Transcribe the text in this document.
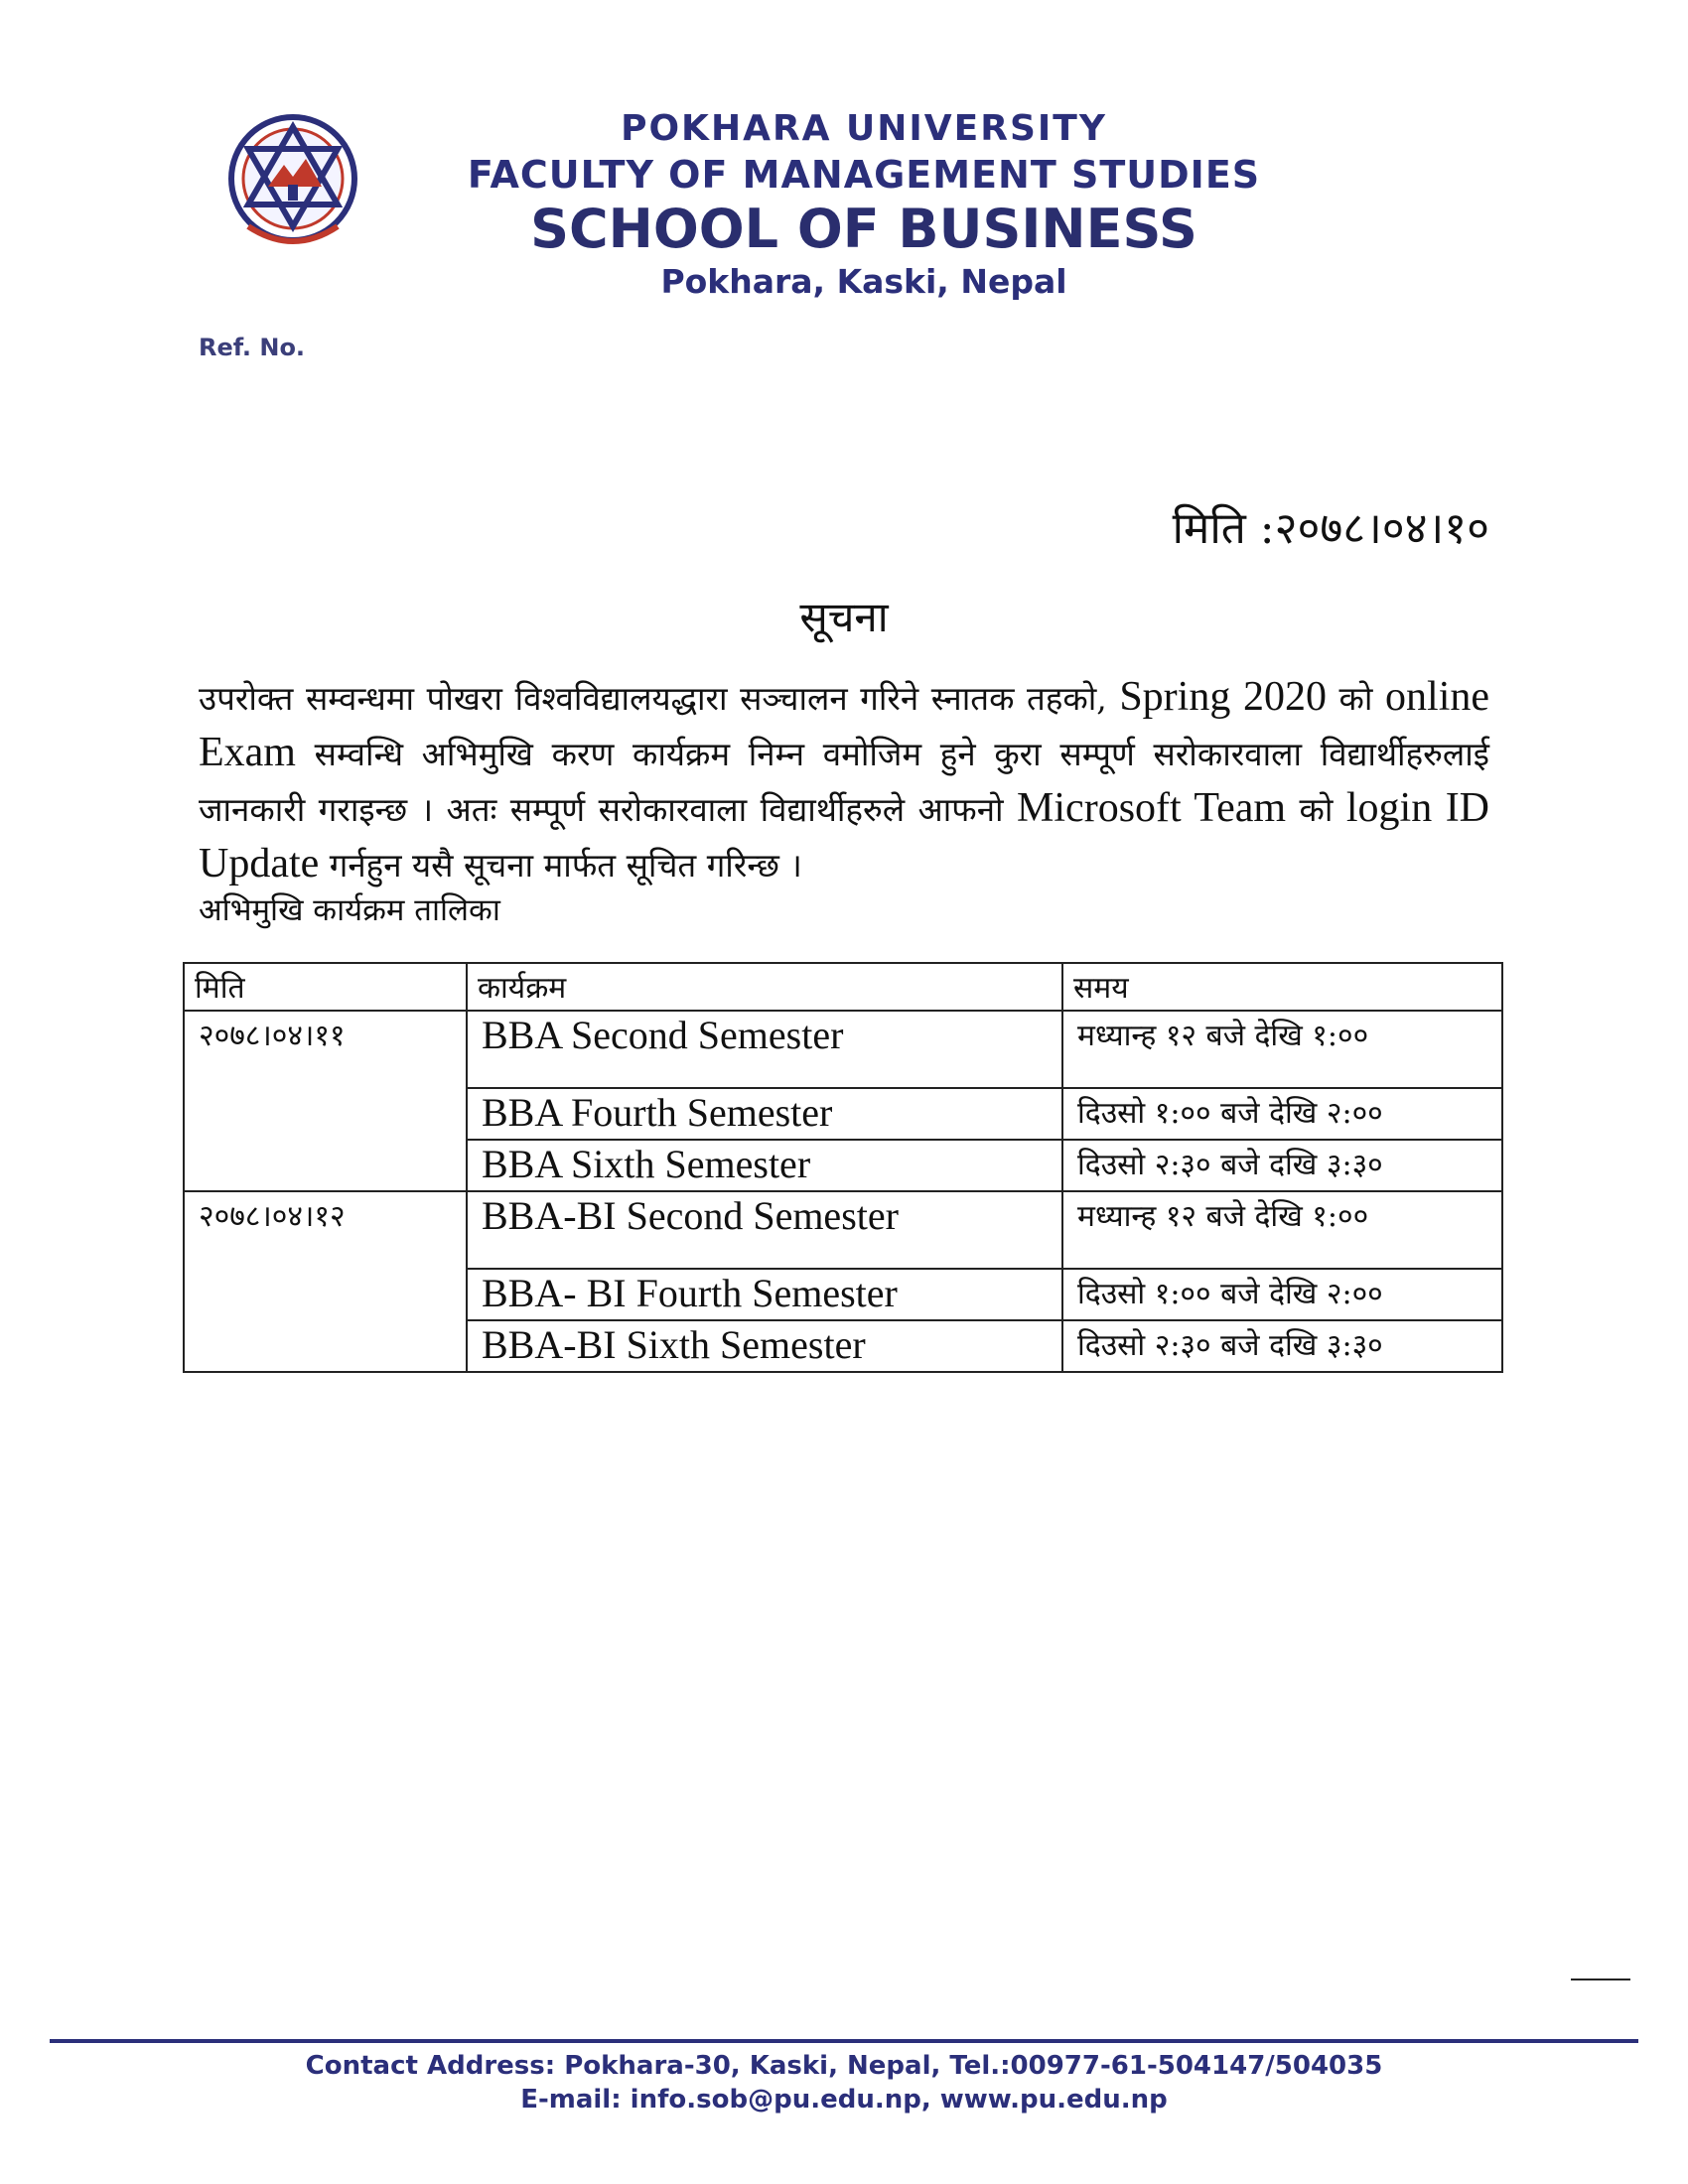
POKHARA UNIVERSITY
FACULTY OF MANAGEMENT STUDIES
SCHOOL OF BUSINESS
Pokhara, Kaski, Nepal
Ref. No.
मिति :२०७८।०४।१०
सूचना
उपरोक्त सम्वन्धमा पोखरा विश्वविद्यालयद्धारा सञ्चालन गरिने स्नातक तहको, Spring 2020 को online Exam सम्वन्धि अभिमुखि करण कार्यक्रम निम्न वमोजिम हुने कुरा सम्पूर्ण सरोकारवाला विद्यार्थीहरुलाई जानकारी गराइन्छ । अतः सम्पूर्ण सरोकारवाला विद्यार्थीहरुले आफनो Microsoft Team को login ID Update गर्नहुन यसै सूचना मार्फत सूचित गरिन्छ ।
अभिमुखि कार्यक्रम तालिका
मिति	कार्यक्रम	समय
२०७८।०४।११	BBA Second Semester	मध्यान्ह १२ बजे देखि १:००
	BBA Fourth Semester	दिउसो १:०० बजे देखि २:००
	BBA Sixth Semester	दिउसो २:३० बजे दखि ३:३०
२०७८।०४।१२	BBA-BI Second Semester	मध्यान्ह १२ बजे देखि १:००
	BBA- BI Fourth Semester	दिउसो १:०० बजे देखि २:००
	BBA-BI Sixth Semester	दिउसो २:३० बजे दखि ३:३०
Contact Address: Pokhara-30, Kaski, Nepal, Tel.:00977-61-504147/504035
E-mail: info.sob@pu.edu.np, www.pu.edu.np
